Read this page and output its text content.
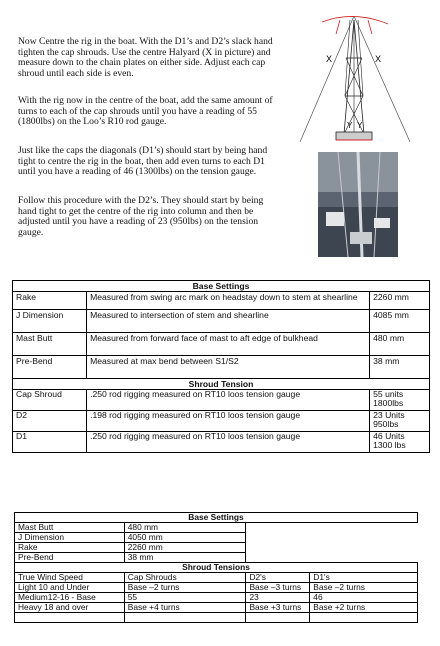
Now Centre the rig in the boat. With the D1’s and D2’s slack hand tighten the cap shrouds. Use the centre Halyard (X in picture) and measure down to the chain plates on either side. Adjust each cap shroud until each side is even.
With the rig now in the centre of the boat, add the same amount of turns to each of the cap shrouds until you have a reading of 55 (1800lbs) on the Loo’s R10 rod gauge.
Just like the caps the diagonals (D1’s) should start by being hand tight to centre the rig in the boat, then add even turns to each D1 until you have a reading of 46 (1300lbs) on the tension gauge.
Follow this procedure with the D2’s. They should start by being hand tight to get the centre of the rig into column and then be adjusted until you have a reading of 23 (950lbs) on the tension gauge.
X	X
Y Y
Base Settings		
Rake	Measured from swing arc mark on headstay down to stem at shearline	2260 mm
J Dimension	Measured to intersection of stem and shearline	4085 mm
Mast Butt	Measured from forward face of mast to aft edge of bulkhead	480 mm
Pre-Bend	Measured at max bend between S1/S2	38 mm
Shroud Tension		
Cap Shroud	.250 rod rigging measured on RT10 loos tension gauge	55 units
1800lbs

D2	.198 rod rigging measured on RT10 loos tension gauge	23 Units
950lbs

D1	.250 rod rigging measured on RT10 loos tension gauge	46 Units
1300 lbs
Base Settings			
Mast Butt	480 mm		
J Dimension	4050 mm		
Rake	2260 mm		
Pre-Bend	38 mm		
Shroud Tensions			
True Wind Speed	Cap Shrouds	D2's	D1's
Light 10 and Under	Base –2 turns	Base –3 turns	Base –2 turns
Medium12-16 - Base	55	23	46
Heavy 18 and over	Base +4 turns	Base +3 turns	Base +2 turns
